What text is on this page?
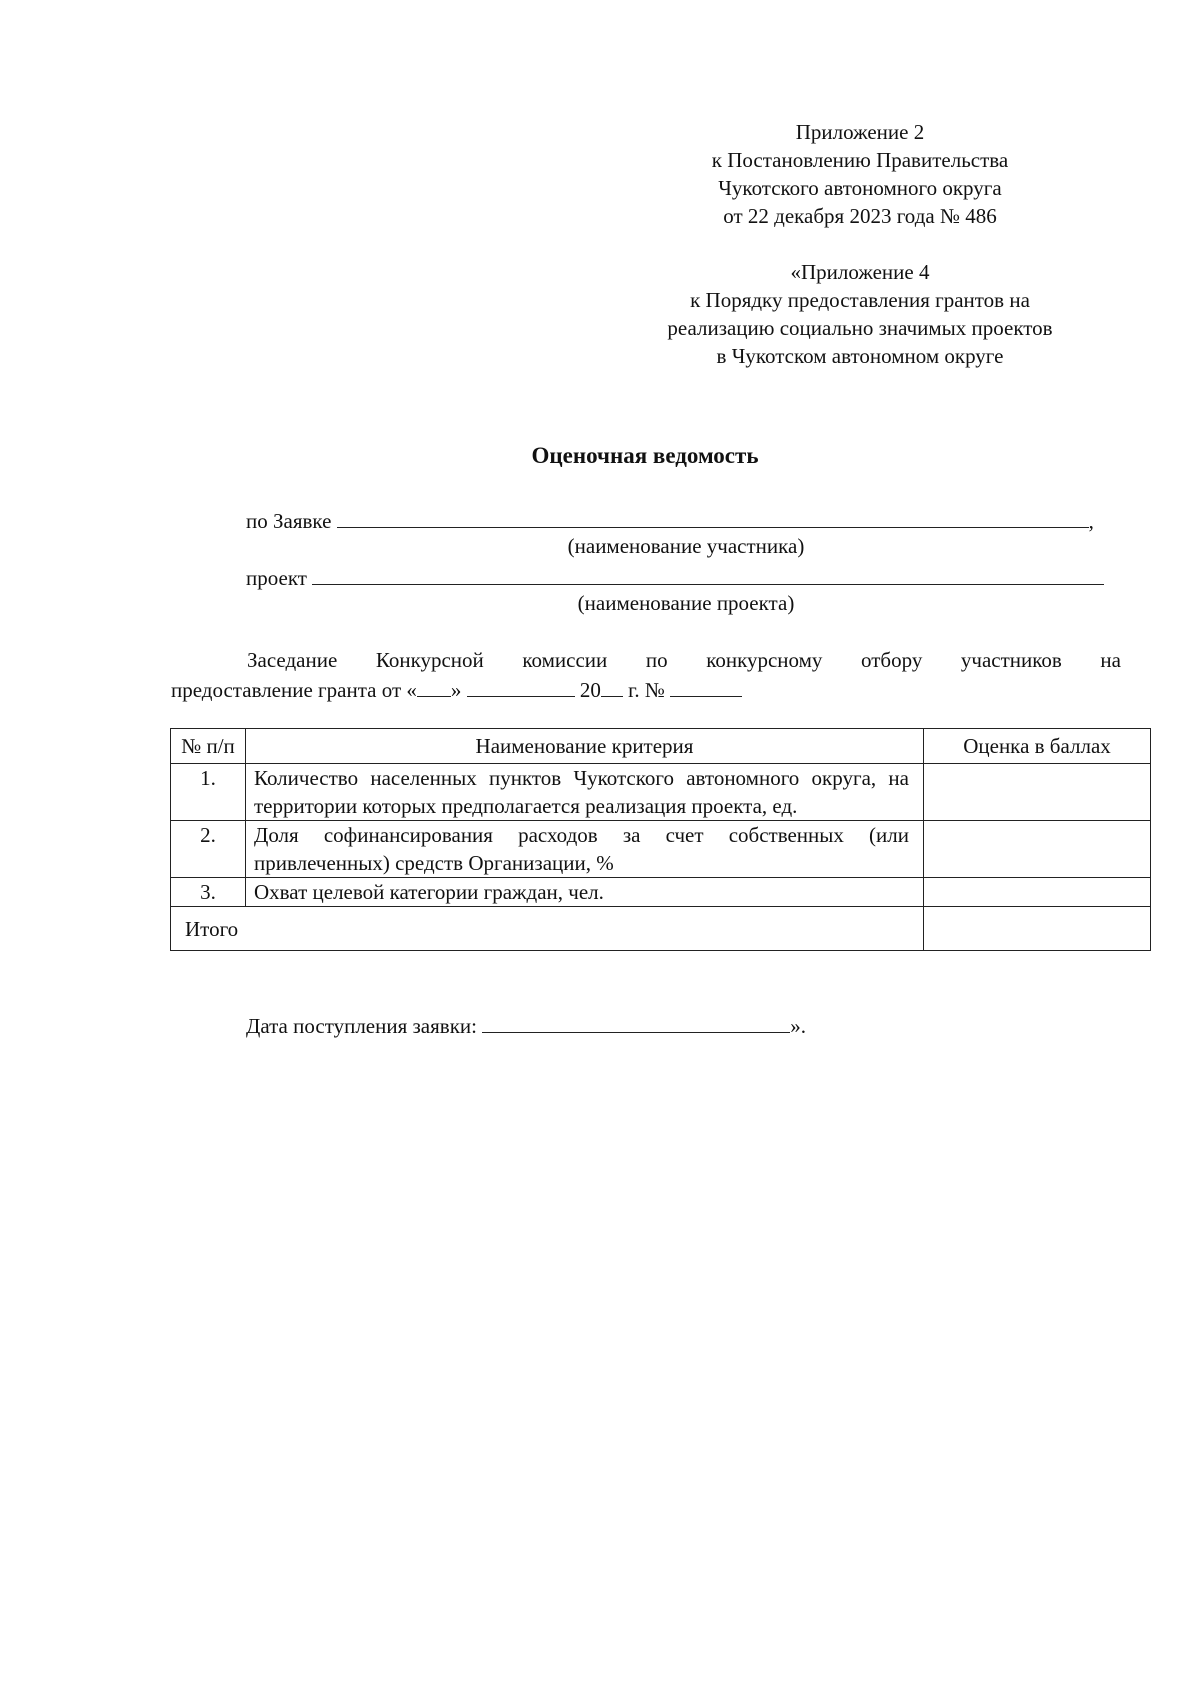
Приложение 2
к Постановлению Правительства
Чукотского автономного округа
от 22 декабря 2023 года № 486
«Приложение 4
к Порядку предоставления грантов на
реализацию социально значимых проектов
в Чукотском автономном округе
Оценочная ведомость
по Заявке	,
(наименование участника)
проект
(наименование проекта)
Заседание Конкурсной комиссии по конкурсному отбору участников на
предоставление гранта от « »	20 г. №
№ п/п	Наименование критерия	Оценка в баллах
1.	Количество населенных пунктов Чукотского автономного округа, на территории которых предполагается реализация проекта, ед.	
2.	Доля софинансирования расходов за счет собственных (или привлеченных) средств Организации, %	
3.	Охват целевой категории граждан, чел.	
Итого		
Дата поступления заявки:	».
